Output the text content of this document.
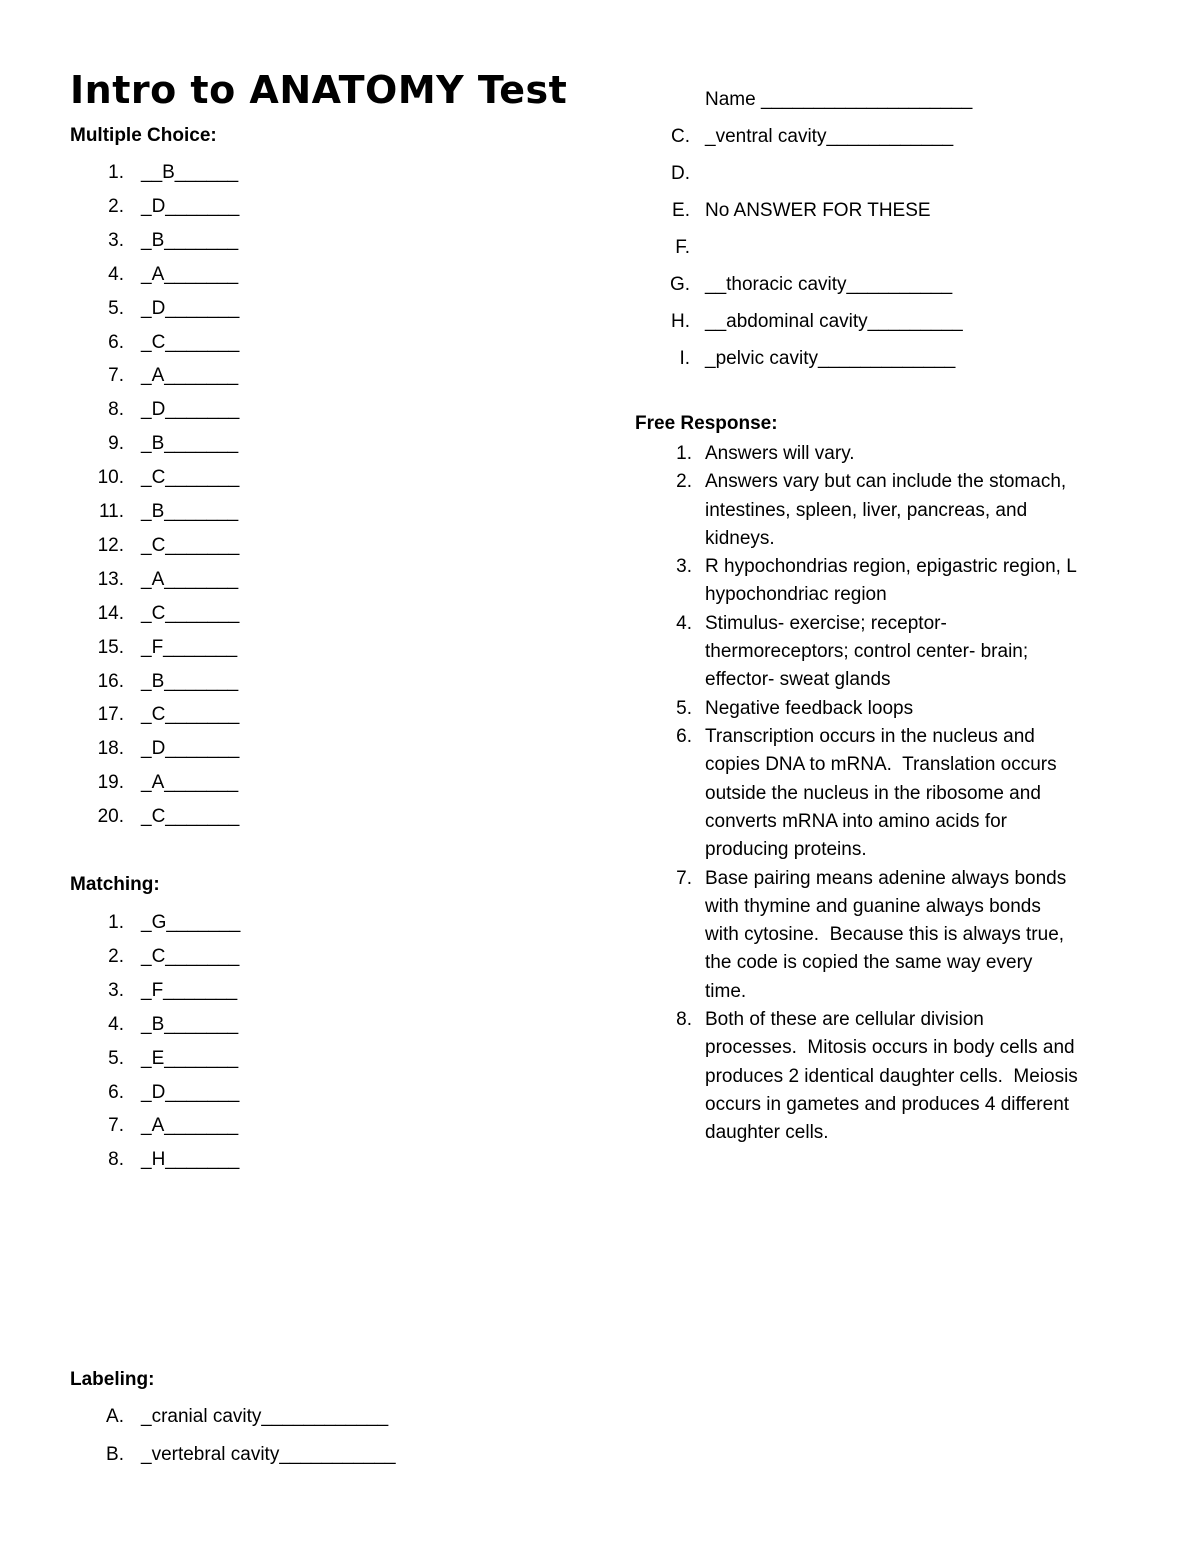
Intro to ANATOMY Test	Name ____________________
Multiple Choice:
1. __B______
2. _D_______
3. _B_______
4. _A_______
5. _D_______
6. _C_______
7. _A_______
8. _D_______
9. _B_______
10. _C_______
11. _B_______
12. _C_______
13. _A_______
14. _C_______
15. _F_______
16. _B_______
17. _C_______
18. _D_______
19. _A_______
20. _C_______
Matching:
1. _G_______
2. _C_______
3. _F_______
4. _B_______
5. _E_______
6. _D_______
7. _A_______
8. _H_______
Labeling:
A. _cranial cavity____________
B. _vertebral cavity___________
C. _ventral cavity____________
D.
E. No ANSWER FOR THESE
F.
G. __thoracic cavity__________
H. __abdominal cavity_________
I. _pelvic cavity_____________
Free Response:
1. Answers will vary.
2. Answers vary but can include the stomach,
intestines, spleen, liver, pancreas, and
kidneys.
3. R hypochondrias region, epigastric region, L
hypochondriac region
4. Stimulus- exercise; receptor-
thermoreceptors; control center- brain;
effector- sweat glands
5. Negative feedback loops
6. Transcription occurs in the nucleus and
copies DNA to mRNA.  Translation occurs
outside the nucleus in the ribosome and
converts mRNA into amino acids for
producing proteins.
7. Base pairing means adenine always bonds
with thymine and guanine always bonds
with cytosine.  Because this is always true,
the code is copied the same way every
time.
8. Both of these are cellular division
processes.  Mitosis occurs in body cells and
produces 2 identical daughter cells.  Meiosis
occurs in gametes and produces 4 different
daughter cells.
